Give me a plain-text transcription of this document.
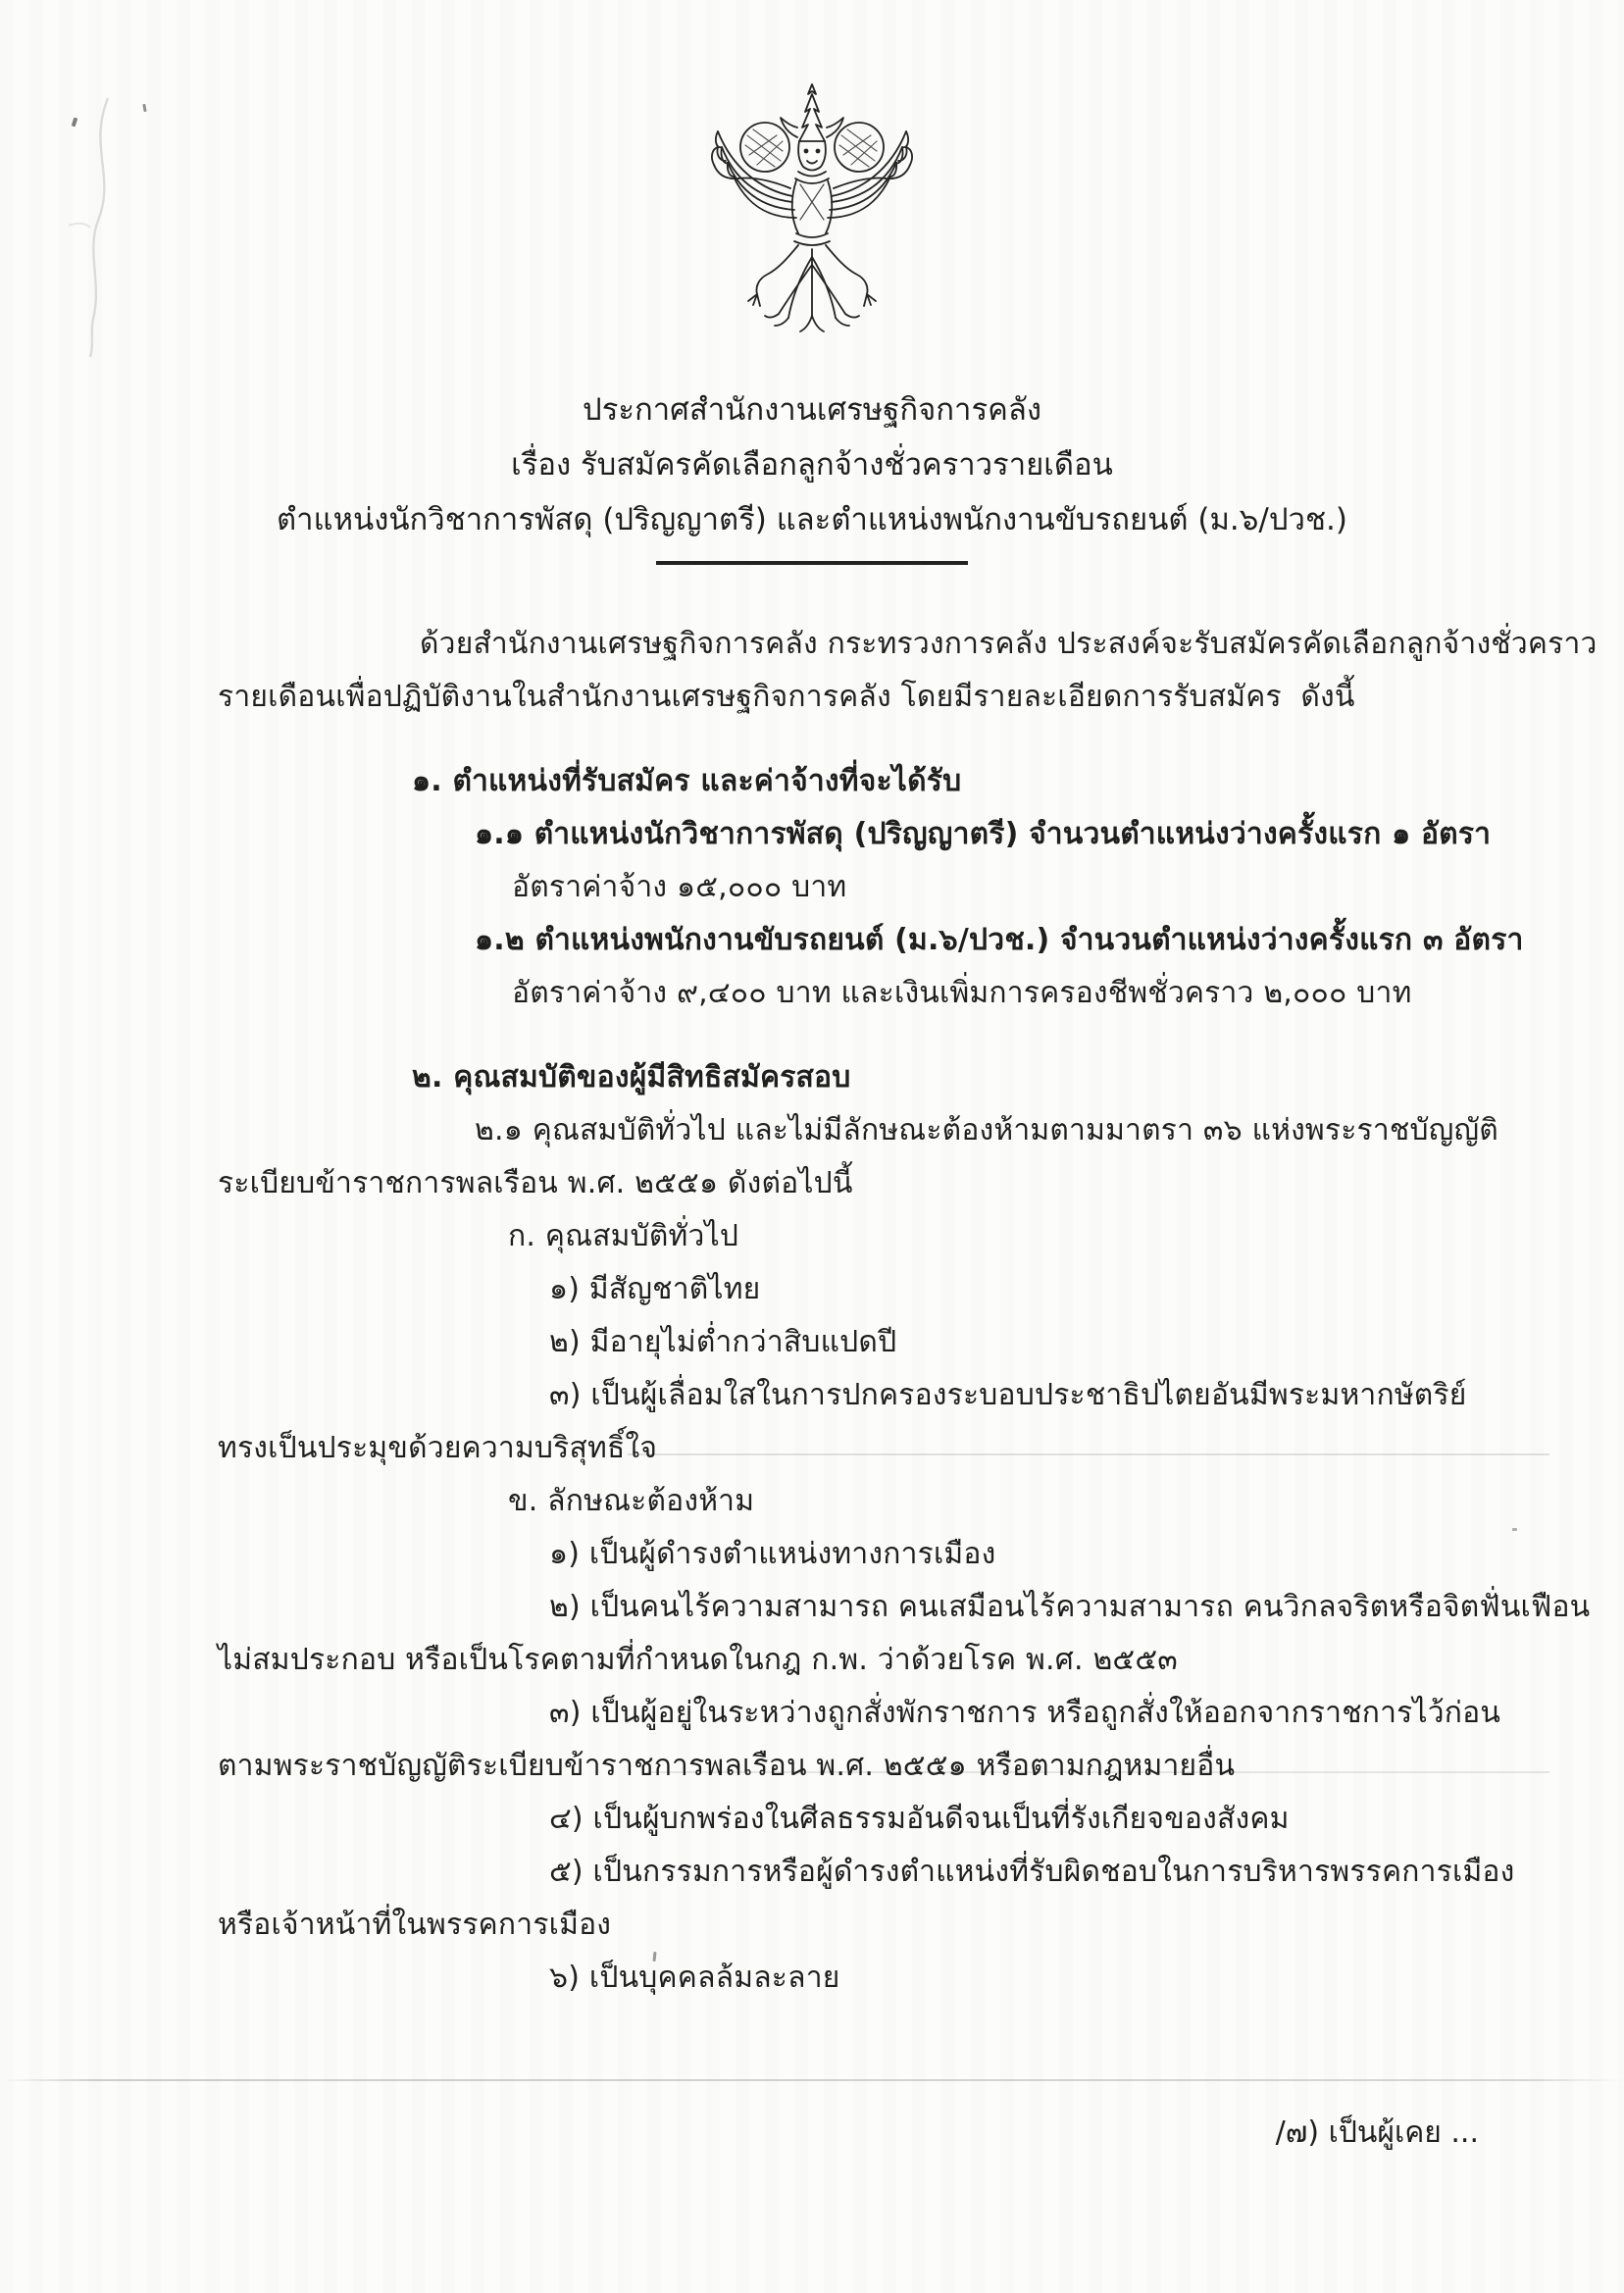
ประกาศสำนักงานเศรษฐกิจการคลัง
เรื่อง รับสมัครคัดเลือกลูกจ้างชั่วคราวรายเดือน
ตำแหน่งนักวิชาการพัสดุ (ปริญญาตรี) และตำแหน่งพนักงานขับรถยนต์ (ม.๖/ปวช.)
ด้วยสำนักงานเศรษฐกิจการคลัง กระทรวงการคลัง ประสงค์จะรับสมัครคัดเลือกลูกจ้างชั่วคราว
รายเดือนเพื่อปฏิบัติงานในสำนักงานเศรษฐกิจการคลัง โดยมีรายละเอียดการรับสมัคร  ดังนี้
๑. ตำแหน่งที่รับสมัคร และค่าจ้างที่จะได้รับ
๑.๑ ตำแหน่งนักวิชาการพัสดุ (ปริญญาตรี) จำนวนตำแหน่งว่างครั้งแรก ๑ อัตรา
อัตราค่าจ้าง ๑๕,๐๐๐ บาท
๑.๒ ตำแหน่งพนักงานขับรถยนต์ (ม.๖/ปวช.) จำนวนตำแหน่งว่างครั้งแรก ๓ อัตรา
อัตราค่าจ้าง ๙,๔๐๐ บาท และเงินเพิ่มการครองชีพชั่วคราว ๒,๐๐๐ บาท
๒. คุณสมบัติของผู้มีสิทธิสมัครสอบ
๒.๑ คุณสมบัติทั่วไป และไม่มีลักษณะต้องห้ามตามมาตรา ๓๖ แห่งพระราชบัญญัติ
ระเบียบข้าราชการพลเรือน พ.ศ. ๒๕๕๑ ดังต่อไปนี้
ก. คุณสมบัติทั่วไป
๑) มีสัญชาติไทย
๒) มีอายุไม่ต่ำกว่าสิบแปดปี
๓) เป็นผู้เลื่อมใสในการปกครองระบอบประชาธิปไตยอันมีพระมหากษัตริย์
ทรงเป็นประมุขด้วยความบริสุทธิ์ใจ
ข. ลักษณะต้องห้าม
๑) เป็นผู้ดำรงตำแหน่งทางการเมือง
๒) เป็นคนไร้ความสามารถ คนเสมือนไร้ความสามารถ คนวิกลจริตหรือจิตฟั่นเฟือน
ไม่สมประกอบ หรือเป็นโรคตามที่กำหนดในกฎ ก.พ. ว่าด้วยโรค พ.ศ. ๒๕๕๓
๓) เป็นผู้อยู่ในระหว่างถูกสั่งพักราชการ หรือถูกสั่งให้ออกจากราชการไว้ก่อน
ตามพระราชบัญญัติระเบียบข้าราชการพลเรือน พ.ศ. ๒๕๕๑ หรือตามกฎหมายอื่น
๔) เป็นผู้บกพร่องในศีลธรรมอันดีจนเป็นที่รังเกียจของสังคม
๕) เป็นกรรมการหรือผู้ดำรงตำแหน่งที่รับผิดชอบในการบริหารพรรคการเมือง
หรือเจ้าหน้าที่ในพรรคการเมือง
๖) เป็นบุคคลล้มละลาย
/๗) เป็นผู้เคย ...
